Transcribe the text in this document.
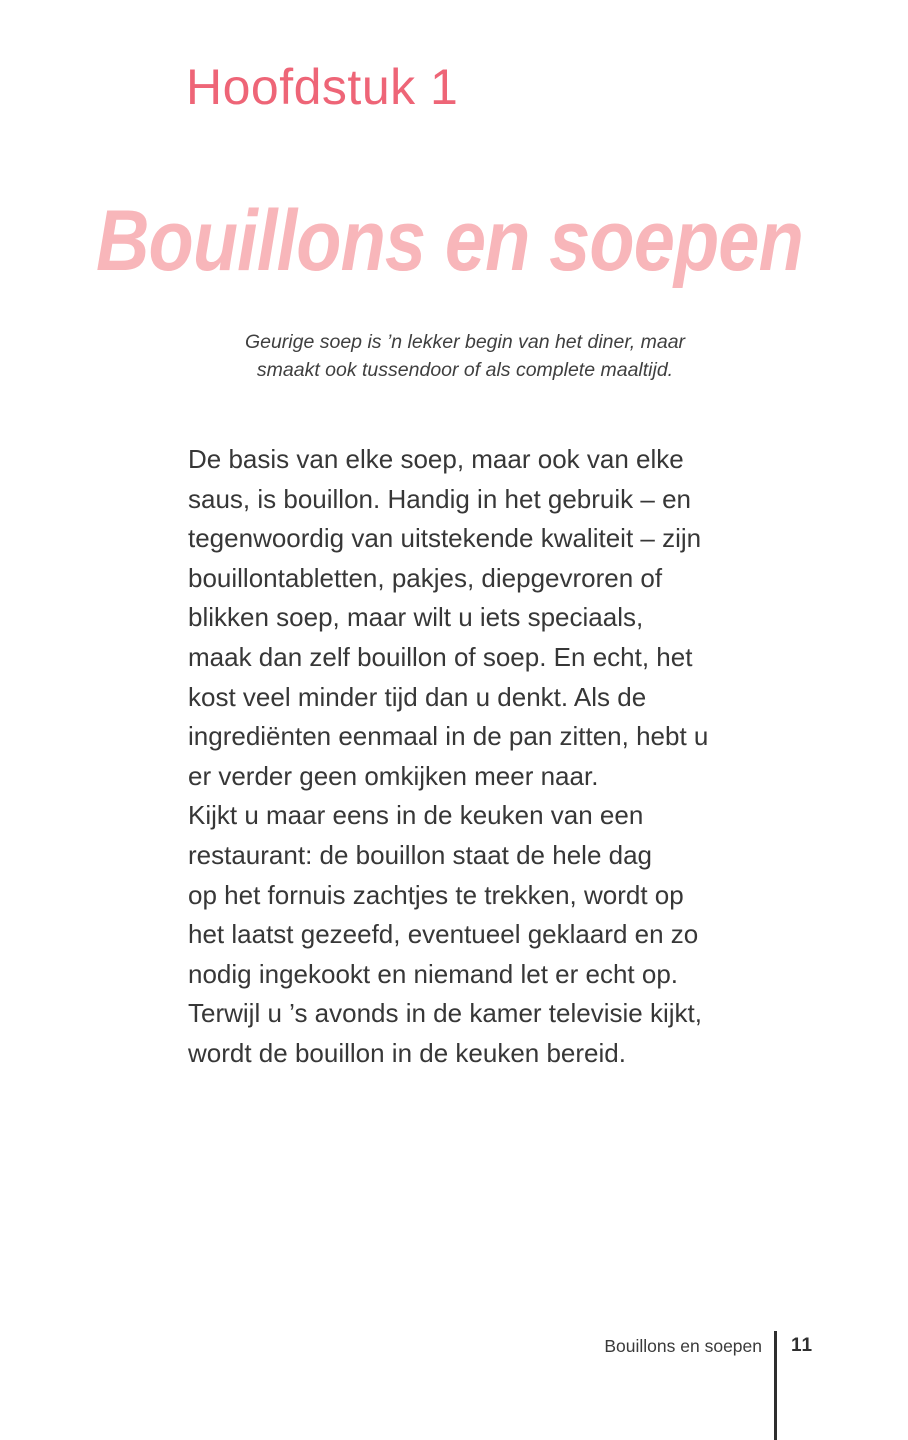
Hoofdstuk 1
Bouillons en soepen
Geurige soep is ’n lekker begin van het diner, maar
smaakt ook tussendoor of als complete maaltijd.
De basis van elke soep, maar ook van elke
saus, is bouillon. Handig in het gebruik – en
tegenwoordig van uitstekende kwaliteit – zijn
bouillontabletten, pakjes, diepgevroren of
blikken soep, maar wilt u iets speciaals,
maak dan zelf bouillon of soep. En echt, het
kost veel minder tijd dan u denkt. Als de
ingrediënten eenmaal in de pan zitten, hebt u
er verder geen omkijken meer naar.
Kijkt u maar eens in de keuken van een
restaurant: de bouillon staat de hele dag
op het fornuis zachtjes te trekken, wordt op
het laatst gezeefd, eventueel geklaard en zo
nodig ingekookt en niemand let er echt op.
Terwijl u ’s avonds in de kamer televisie kijkt,
wordt de bouillon in de keuken bereid.
Bouillons en soepen 11
